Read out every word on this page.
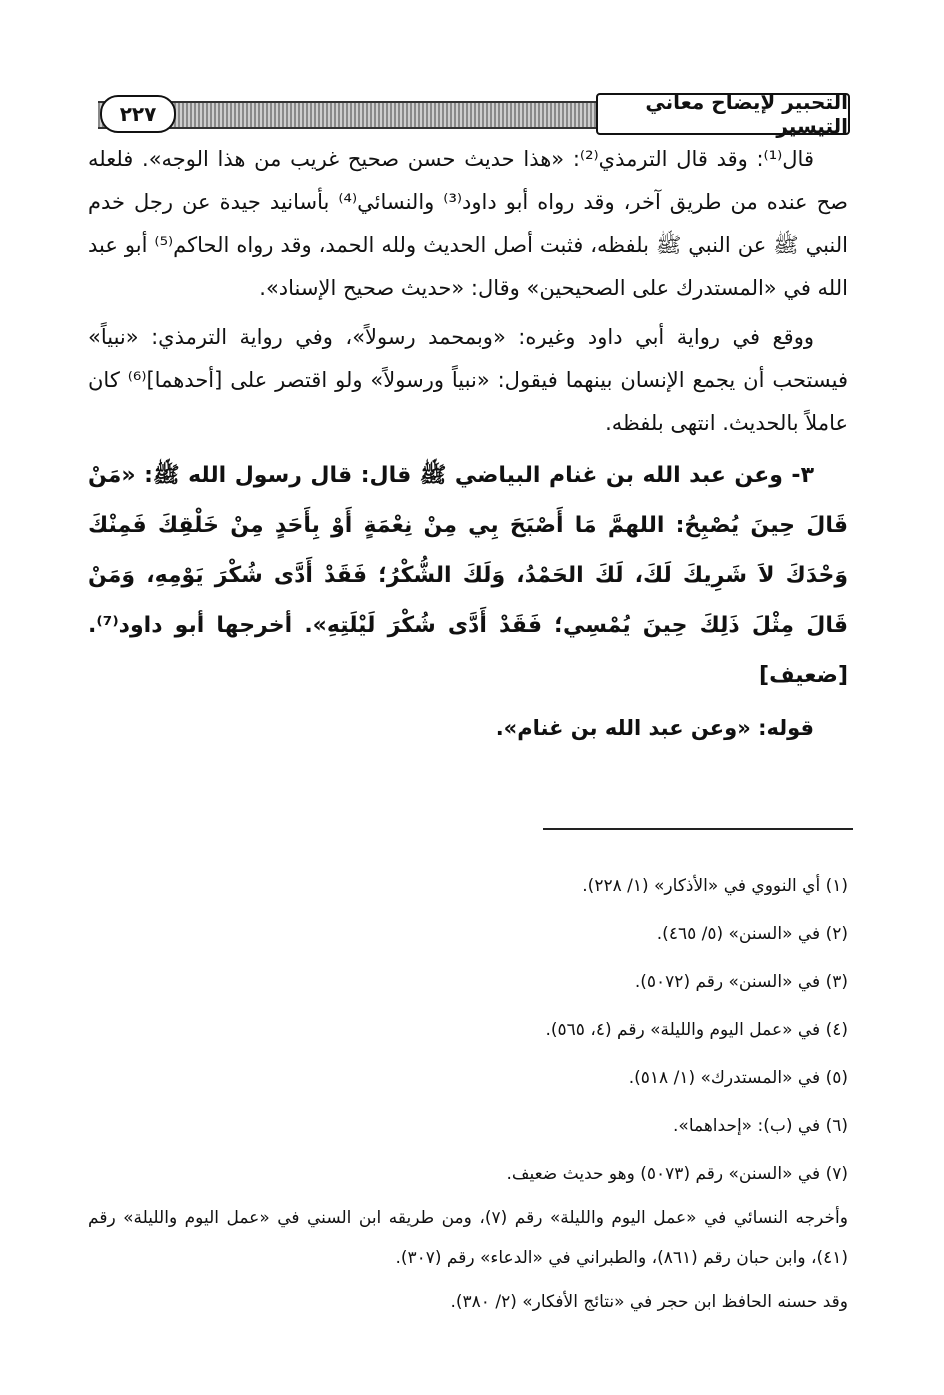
التحبير لإيضاح معاني التيسير
٢٢٧

قال⁽¹⁾: وقد قال الترمذي⁽²⁾: «هذا حديث حسن صحيح غريب من هذا الوجه». فلعله صح عنده من طريق آخر، وقد رواه أبو داود⁽³⁾ والنسائي⁽⁴⁾ بأسانيد جيدة عن رجل خدم النبي ﷺ عن النبي ﷺ بلفظه، فثبت أصل الحديث ولله الحمد، وقد رواه الحاكم⁽⁵⁾ أبو عبد الله في «المستدرك على الصحيحين» وقال: «حديث صحيح الإسناد».

ووقع في رواية أبي داود وغيره: «وبمحمد رسولاً»، وفي رواية الترمذي: «نبياً» فيستحب أن يجمع الإنسان بينهما فيقول: «نبياً ورسولاً» ولو اقتصر على [أحدهما]⁽⁶⁾ كان عاملاً بالحديث. انتهى بلفظه.

٣- وعن عبد الله بن غنام البياضي ﷺ قال: قال رسول الله ﷺ: «مَنْ قَالَ حِينَ يُصْبِحُ: اللهمَّ مَا أَصْبَحَ بِي مِنْ نِعْمَةٍ أَوْ بِأَحَدٍ مِنْ خَلْقِكَ فَمِنْكَ وَحْدَكَ لاَ شَرِيكَ لَكَ، لَكَ الحَمْدُ، وَلَكَ الشُّكْرُ؛ فَقَدْ أَدَّى شُكْرَ يَوْمِهِ، وَمَنْ قَالَ مِثْلَ ذَلِكَ حِينَ يُمْسِي؛ فَقَدْ أَدَّى شُكْرَ لَيْلَتِهِ». أخرجها أبو داود⁽⁷⁾. [ضعيف]

قوله: «وعن عبد الله بن غنام».

(١) أي النووي في «الأذكار» (١/ ٢٢٨).
(٢) في «السنن» (٥/ ٤٦٥).
(٣) في «السنن» رقم (٥٠٧٢).
(٤) في «عمل اليوم والليلة» رقم (٤، ٥٦٥).
(٥) في «المستدرك» (١/ ٥١٨).
(٦) في (ب): «إحداهما».
(٧) في «السنن» رقم (٥٠٧٣) وهو حديث ضعيف.
وأخرجه النسائي في «عمل اليوم والليلة» رقم (٧)، ومن طريقه ابن السني في «عمل اليوم والليلة» رقم (٤١)، وابن حبان رقم (٨٦١)، والطبراني في «الدعاء» رقم (٣٠٧).
وقد حسنه الحافظ ابن حجر في «نتائج الأفكار» (٢/ ٣٨٠).
